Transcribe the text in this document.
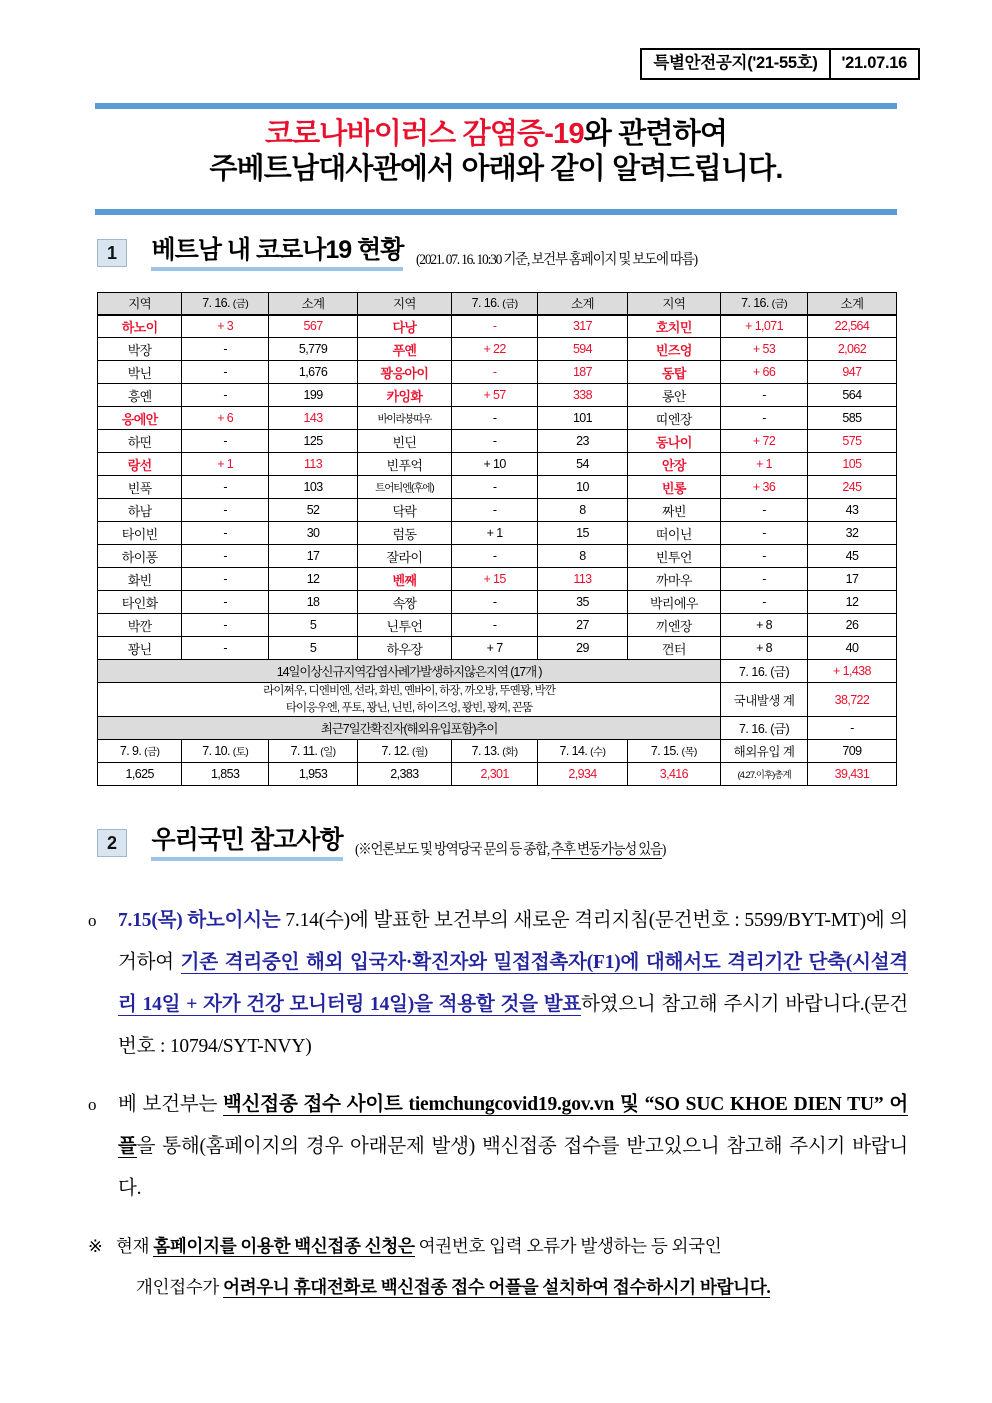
특별안전공지('21-55호)	'21.07.16
코로나바이러스 감염증-19와 관련하여
주베트남대사관에서 아래와 같이 알려드립니다.
1 베트남 내 코로나19 현황 (2021. 07. 16. 10:30 기준, 보건부 홈페이지 및 보도에 따름)
지역	7. 16. (금)	소계	지역	7. 16. (금)	소계	지역	7. 16. (금)	소계
하노이	+ 3	567	다낭	-	317	호치민	+ 1,071	22,564
박장	-	5,779	푸옌	+ 22	594	빈즈엉	+ 53	2,062
박닌	-	1,676	꽝응아이	-	187	동탑	+ 66	947
흥옌	-	199	카잉화	+ 57	338	롱안	-	564
응에안	+ 6	143	바이라붕따우	-	101	띠엔장	-	585
하띤	-	125	빈딘	-	23	동나이	+ 72	575
랑선	+ 1	113	빈푸억	+ 10	54	안장	+ 1	105
빈푹	-	103	트어티엔(후에)	-	10	빈롱	+ 36	245
하남	-	52	닥락	-	8	짜빈	-	43
타이빈	-	30	럼동	+ 1	15	떠이닌	-	32
하이퐁	-	17	잘라이	-	8	빈투언	-	45
화빈	-	12	벤째	+ 15	113	까마우	-	17
타인화	-	18	속짱	-	35	박리에우	-	12
박깐	-	5	닌투언	-	27	끼엔장	+ 8	26
꽝닌	-	5	하우장	+ 7	29	껀터	+ 8	40
14일이상신규지역감염사례가발생하지않은지역 (17개 )							7. 16. (금)	+ 1,438

라이쩌우, 디엔비엔, 선라, 화빈, 옌바이, 하장, 까오방, 뚜옌꽝, 박깐
타이응우엔, 푸토, 꽝닌, 닌빈, 하이즈엉, 꽝빈, 꽝찌, 꼰뚬							국내발생 계	38,722
최근7일간확진자(해외유입포함)추이							7. 16. (금)	-
7. 9. (금)	7. 10. (토)	7. 11. (일)	7. 12. (월)	7. 13. (화)	7. 14. (수)	7. 15. (목)	해외유입 계	709
1,625	1,853	1,953	2,383	2,301	2,934	3,416	(4.27.이후)총계	39,431
2 우리국민 참고사항 (※언론보도 및 방역당국 문의 등 종합, 추후 변동가능성 있음)
o	7.15(목) 하노이시는 7.14(수)에 발표한 보건부의 새로운 격리지침(문건번호 : 5599/BYT-MT)에 의거하여 기존 격리중인 해외 입국자·확진자와 밀접접촉자(F1)에 대해서도 격리기간 단축(시설격리 14일 + 자가 건강 모니터링 14일)을 적용할 것을 발표하였으니 참고해 주시기 바랍니다.(문건번호 : 10794/SYT-NVY)
o	베 보건부는 백신접종 접수 사이트 tiemchungcovid19.gov.vn 및 “SO SUC KHOE DIEN TU” 어플을 통해(홈페이지의 경우 아래문제 발생) 백신접종 접수를 받고있으니 참고해 주시기 바랍니다.
※ 현재 홈페이지를 이용한 백신접종 신청은 여권번호 입력 오류가 발생하는 등 외국인
개인접수가 어려우니 휴대전화로 백신접종 접수 어플을 설치하여 접수하시기 바랍니다.
